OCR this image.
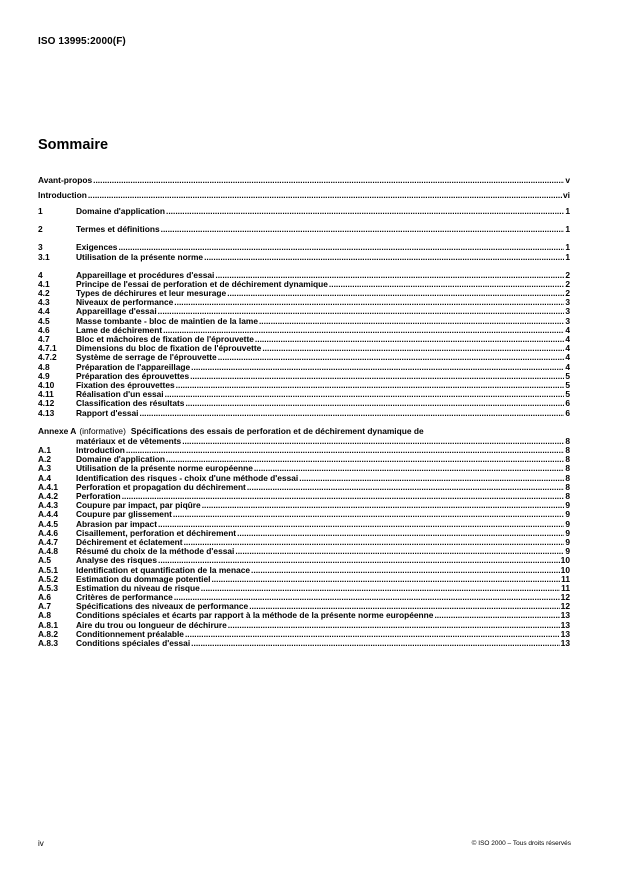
ISO 13995:2000(F)
Sommaire
Avant-propos .....	v
Introduction .....	vi
1	Domaine d'application .....	1
2	Termes et définitions .....	1
3	Exigences .....	1
3.1	Utilisation de la présente norme .....	1
4	Appareillage et procédures d'essai .....	2
4.1	Principe de l'essai de perforation et de déchirement dynamique .....	2
4.2	Types de déchirures et leur mesurage .....	2
4.3	Niveaux de performance .....	3
4.4	Appareillage d'essai .....	3
4.5	Masse tombante - bloc de maintien de la lame .....	3
4.6	Lame de déchirement .....	4
4.7	Bloc et mâchoires de fixation de l'éprouvette .....	4
4.7.1	Dimensions du bloc de fixation de l'éprouvette .....	4
4.7.2	Système de serrage de l'éprouvette .....	4
4.8	Préparation de l'appareillage .....	4
4.9	Préparation des éprouvettes .....	5
4.10	Fixation des éprouvettes .....	5
4.11	Réalisation d'un essai .....	5
4.12	Classification des résultats .....	6
4.13	Rapport d'essai .....	6
Annexe A (informative) Spécifications des essais de perforation et de déchirement dynamique de
matériaux et de vêtements .....	8
A.1	Introduction .....	8
A.2	Domaine d'application .....	8
A.3	Utilisation de la présente norme européenne .....	8
A.4	Identification des risques - choix d'une méthode d'essai .....	8
A.4.1	Perforation et propagation du déchirement .....	8
A.4.2	Perforation .....	8
A.4.3	Coupure par impact, par piqûre .....	9
A.4.4	Coupure par glissement .....	9
A.4.5	Abrasion par impact .....	9
A.4.6	Cisaillement, perforation et déchirement .....	9
A.4.7	Déchirement et éclatement .....	9
A.4.8	Résumé du choix de la méthode d'essai .....	9
A.5	Analyse des risques .....	10
A.5.1	Identification et quantification de la menace .....	10
A.5.2	Estimation du dommage potentiel .....	11
A.5.3	Estimation du niveau de risque .....	11
A.6	Critères de performance .....	12
A.7	Spécifications des niveaux de performance .....	12
A.8	Conditions spéciales et écarts par rapport à la méthode de la présente norme européenne .....	13
A.8.1	Aire du trou ou longueur de déchirure .....	13
A.8.2	Conditionnement préalable .....	13
A.8.3	Conditions spéciales d'essai .....	13
iv	© ISO 2000 – Tous droits réservés
